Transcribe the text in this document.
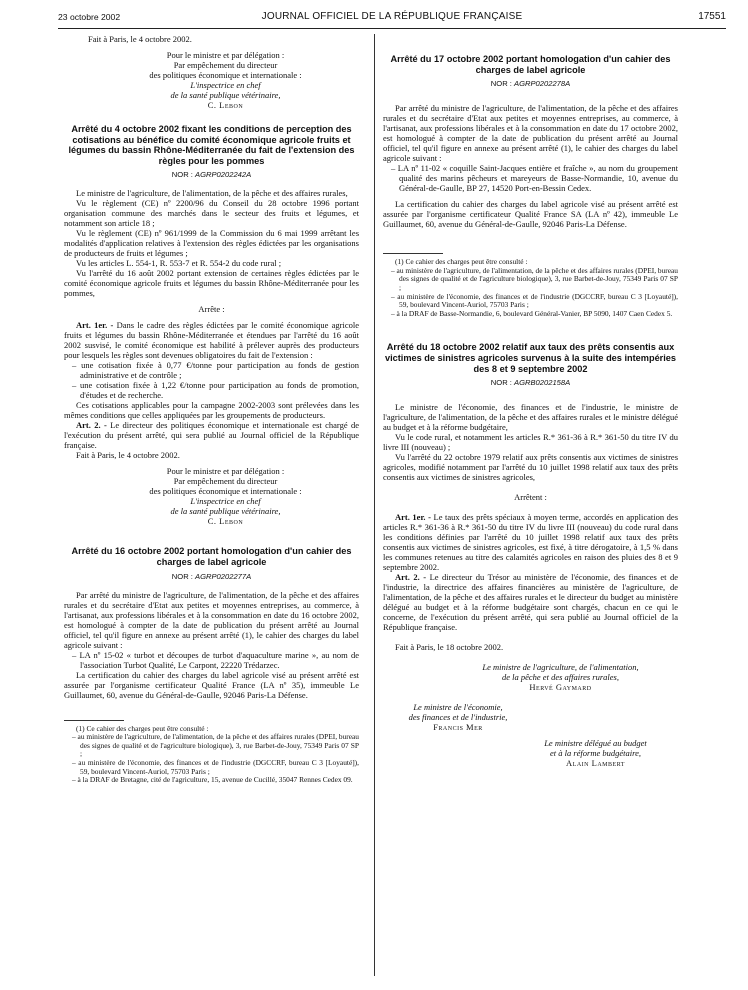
23 octobre 2002	JOURNAL OFFICIEL DE LA RÉPUBLIQUE FRANÇAISE	17551

Fait à Paris, le 4 octobre 2002.

Pour le ministre et par délégation :

Par empêchement du directeur

des politiques économique et internationale :

L'inspectrice en chef

de la santé publique vétérinaire,

C. Lebon

Arrêté du 4 octobre 2002 fixant les conditions de perception des cotisations au bénéfice du comité économique agricole fruits et légumes du bassin Rhône-Méditerranée du fait de l'extension des règles pour les pommes
NOR : AGRP0202242A

Le ministre de l'agriculture, de l'alimentation, de la pêche et des affaires rurales,

Vu le règlement (CE) nº 2200/96 du Conseil du 28 octobre 1996 portant organisation commune des marchés dans le secteur des fruits et légumes, et notamment son article 18 ;

Vu le règlement (CE) nº 961/1999 de la Commission du 6 mai 1999 arrêtant les modalités d'application relatives à l'extension des règles édictées par les organisations de producteurs de fruits et légumes ;

Vu les articles L. 554-1, R. 553-7 et R. 554-2 du code rural ;

Vu l'arrêté du 16 août 2002 portant extension de certaines règles édictées par le comité économique agricole fruits et légumes du bassin Rhône-Méditerranée pour les pommes,

Arrête :

Art. 1er. - Dans le cadre des règles édictées par le comité économique agricole fruits et légumes du bassin Rhône-Méditerranée et étendues par l'arrêté du 16 août 2002 susvisé, le comité économique est habilité à prélever auprès des producteurs pour lesquels les règles sont devenues obligatoires du fait de l'extension :

– une cotisation fixée à 0,77 €/tonne pour participation au fonds de gestion administrative et de contrôle ;

– une cotisation fixée à 1,22 €/tonne pour participation au fonds de promotion, d'études et de recherche.

Ces cotisations applicables pour la campagne 2002-2003 sont prélevées dans les mêmes conditions que celles appliquées par les groupements de producteurs.

Art. 2. - Le directeur des politiques économique et internationale est chargé de l'exécution du présent arrêté, qui sera publié au Journal officiel de la République française.

Fait à Paris, le 4 octobre 2002.

Pour le ministre et par délégation :

Par empêchement du directeur

des politiques économique et internationale :

L'inspectrice en chef

de la santé publique vétérinaire,

C. Lebon

Arrêté du 16 octobre 2002 portant homologation d'un cahier des charges de label agricole
NOR : AGRP0202277A

Par arrêté du ministre de l'agriculture, de l'alimentation, de la pêche et des affaires rurales et du secrétaire d'Etat aux petites et moyennes entreprises, au commerce, à l'artisanat, aux professions libérales et à la consommation en date du 16 octobre 2002, est homologué à compter de la date de publication du présent arrêté au Journal officiel, tel qu'il figure en annexe au présent arrêté (1), le cahier des charges du label agricole suivant :

– LA nº 15-02 « turbot et découpes de turbot d'aquaculture marine », au nom de l'association Turbot Qualité, Le Carpont, 22220 Trédarzec.

La certification du cahier des charges du label agricole visé au présent arrêté est assurée par l'organisme certificateur Qualité France (LA nº 35), immeuble Le Guillaumet, 60, avenue du Général-de-Gaulle, 92046 Paris-La Défense.

(1) Ce cahier des charges peut être consulté :

– au ministère de l'agriculture, de l'alimentation, de la pêche et des affaires rurales (DPEI, bureau des signes de qualité et de l'agriculture biologique), 3, rue Barbet-de-Jouy, 75349 Paris 07 SP ;

– au ministère de l'économie, des finances et de l'industrie (DGCCRF, bureau C 3 [Loyauté]), 59, boulevard Vincent-Auriol, 75703 Paris ;

– à la DRAF de Bretagne, cité de l'agriculture, 15, avenue de Cucillé, 35047 Rennes Cedex 09.

Arrêté du 17 octobre 2002 portant homologation d'un cahier des charges de label agricole
NOR : AGRP0202278A

Par arrêté du ministre de l'agriculture, de l'alimentation, de la pêche et des affaires rurales et du secrétaire d'Etat aux petites et moyennes entreprises, au commerce, à l'artisanat, aux professions libérales et à la consommation en date du 17 octobre 2002, est homologué à compter de la date de publication du présent arrêté au Journal officiel, tel qu'il figure en annexe au présent arrêté (1), le cahier des charges du label agricole suivant :

– LA nº 11-02 « coquille Saint-Jacques entière et fraîche », au nom du groupement qualité des marins pêcheurs et mareyeurs de Basse-Normandie, 10, avenue du Général-de-Gaulle, BP 27, 14520 Port-en-Bessin Cedex.

La certification du cahier des charges du label agricole visé au présent arrêté est assurée par l'organisme certificateur Qualité France SA (LA nº 42), immeuble Le Guillaumet, 60, avenue du Général-de-Gaulle, 92046 Paris-La Défense.

(1) Ce cahier des charges peut être consulté :

– au ministère de l'agriculture, de l'alimentation, de la pêche et des affaires rurales (DPEI, bureau des signes de qualité et de l'agriculture biologique), 3, rue Barbet-de-Jouy, 75349 Paris 07 SP ;

– au ministère de l'économie, des finances et de l'industrie (DGCCRF, bureau C 3 [Loyauté]), 59, boulevard Vincent-Auriol, 75703 Paris ;

– à la DRAF de Basse-Normandie, 6, boulevard Général-Vanier, BP 5090, 1407 Caen Cedex 5.

Arrêté du 18 octobre 2002 relatif aux taux des prêts consentis aux victimes de sinistres agricoles survenus à la suite des intempéries des 8 et 9 septembre 2002
NOR : AGRB0202158A

Le ministre de l'économie, des finances et de l'industrie, le ministre de l'agriculture, de l'alimentation, de la pêche et des affaires rurales et le ministre délégué au budget et à la réforme budgétaire,

Vu le code rural, et notamment les articles R.* 361-36 à R.* 361-50 du titre IV du livre III (nouveau) ;

Vu l'arrêté du 22 octobre 1979 relatif aux prêts consentis aux victimes de sinistres agricoles, modifié notamment par l'arrêté du 10 juillet 1998 relatif aux taux des prêts consentis aux victimes de sinistres agricoles,

Arrêtent :

Art. 1er. - Le taux des prêts spéciaux à moyen terme, accordés en application des articles R.* 361-36 à R.* 361-50 du titre IV du livre III (nouveau) du code rural dans les conditions définies par l'arrêté du 10 juillet 1998 relatif aux taux des prêts consentis aux victimes de sinistres agricoles, est fixé, à titre dérogatoire, à 1,5 % dans les communes retenues au titre des calamités agricoles en raison des pluies des 8 et 9 septembre 2002.

Art. 2. - Le directeur du Trésor au ministère de l'économie, des finances et de l'industrie, la directrice des affaires financières au ministère de l'agriculture, de l'alimentation, de la pêche et des affaires rurales et le directeur du budget au ministère délégué au budget et à la réforme budgétaire sont chargés, chacun en ce qui le concerne, de l'exécution du présent arrêté, qui sera publié au Journal officiel de la République française.

Fait à Paris, le 18 octobre 2002.

Le ministre de l'agriculture, de l'alimentation,

de la pêche et des affaires rurales,

Hervé Gaymard

Le ministre de l'économie,

des finances et de l'industrie,

Francis Mer

Le ministre délégué au budget

et à la réforme budgétaire,

Alain Lambert
